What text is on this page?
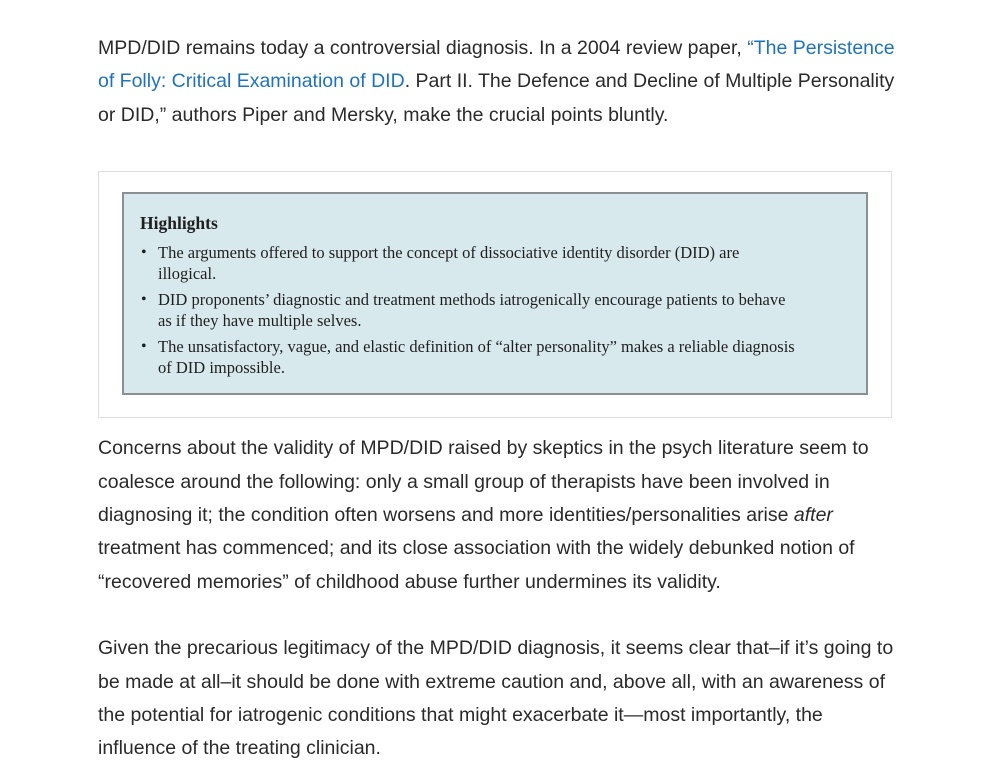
MPD/DID remains today a controversial diagnosis. In a 2004 review paper, “The Persistence of Folly: Critical Examination of DID. Part II. The Defence and Decline of Multiple Personality or DID,” authors Piper and Mersky, make the crucial points bluntly.

Highlights
• The arguments offered to support the concept of dissociative identity disorder (DID) are illogical.
• DID proponents’ diagnostic and treatment methods iatrogenically encourage patients to behave as if they have multiple selves.
• The unsatisfactory, vague, and elastic definition of “alter personality” makes a reliable diagnosis of DID impossible.

Concerns about the validity of MPD/DID raised by skeptics in the psych literature seem to coalesce around the following: only a small group of therapists have been involved in diagnosing it; the condition often worsens and more identities/personalities arise after treatment has commenced; and its close association with the widely debunked notion of “recovered memories” of childhood abuse further undermines its validity.

Given the precarious legitimacy of the MPD/DID diagnosis, it seems clear that–if it’s going to be made at all–it should be done with extreme caution and, above all, with an awareness of the potential for iatrogenic conditions that might exacerbate it—most importantly, the influence of the treating clinician.
